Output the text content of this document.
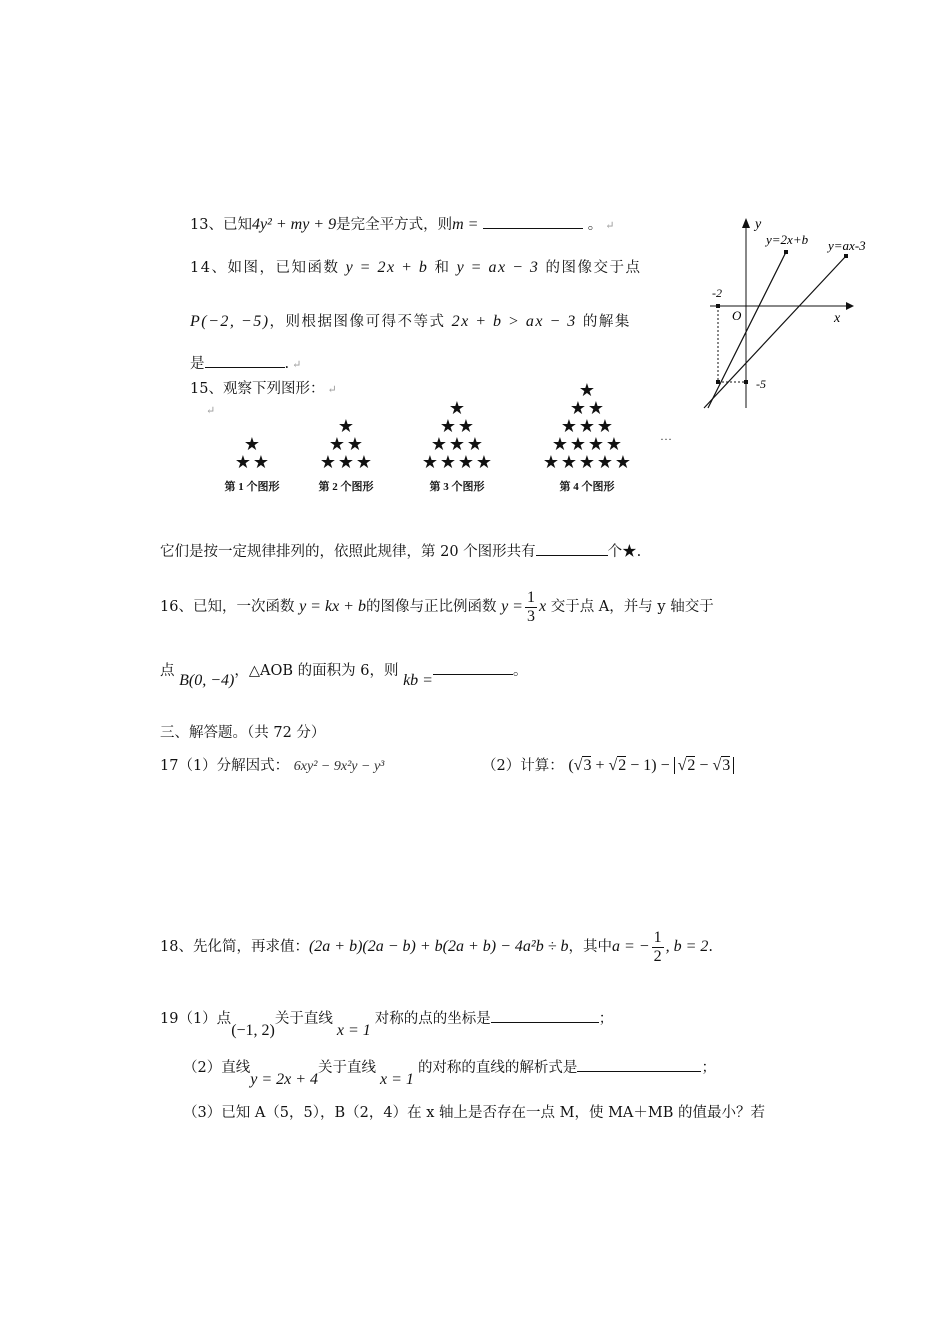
13、已知4y² + my + 9是完全平方式，则m =	。 ↵
14、如图，已知函数 y = 2x + b 和 y = ax − 3 的图像交于点
P(−2, −5)，则根据图像可得不等式 2x + b > ax − 3 的解集
是	. ↵
y
x
O
-2
-5
y=2x+b y=ax-3
15、观察下列图形： ↵
↵
★
★ ★
第 1 个图形
★
★ ★
★ ★ ★
第 2 个图形
★
★ ★
★ ★ ★
★ ★ ★ ★
第 3 个图形
★
★ ★
★ ★ ★
★ ★ ★ ★
★ ★ ★ ★ ★
第 4 个图形
…
它们是按一定规律排列的，依照此规律，第 20 个图形共有	个★.
16、已知，一次函数 y = kx + b的图像与正比例函数 $y = \frac{1}{3}$ x 交于点 A，并与 y 轴交于
点 B(0, −4)，△AOB 的面积为 6，则 kb =。
三、解答题。（共 72 分）
17（1）分解因式： 6xy² − 9x²y − y³	（2）计算： (√3 + √2 − 1) − √2 − √3
18、先化简，再求值：(2a + b)(2a − b) + b(2a + b) − 4a²b ÷ b，其中a = − $\frac{1}{2}$ , b = 2.
19（1）点(−1, 2)关于直线x = 1对称的点的坐标是	；
（2）直线y = 2x + 4关于直线x = 1的对称的直线的解析式是	；
（3）已知 A（5，5），B（2，4）在 x 轴上是否存在一点 M，使 MA＋MB 的值最小？若
